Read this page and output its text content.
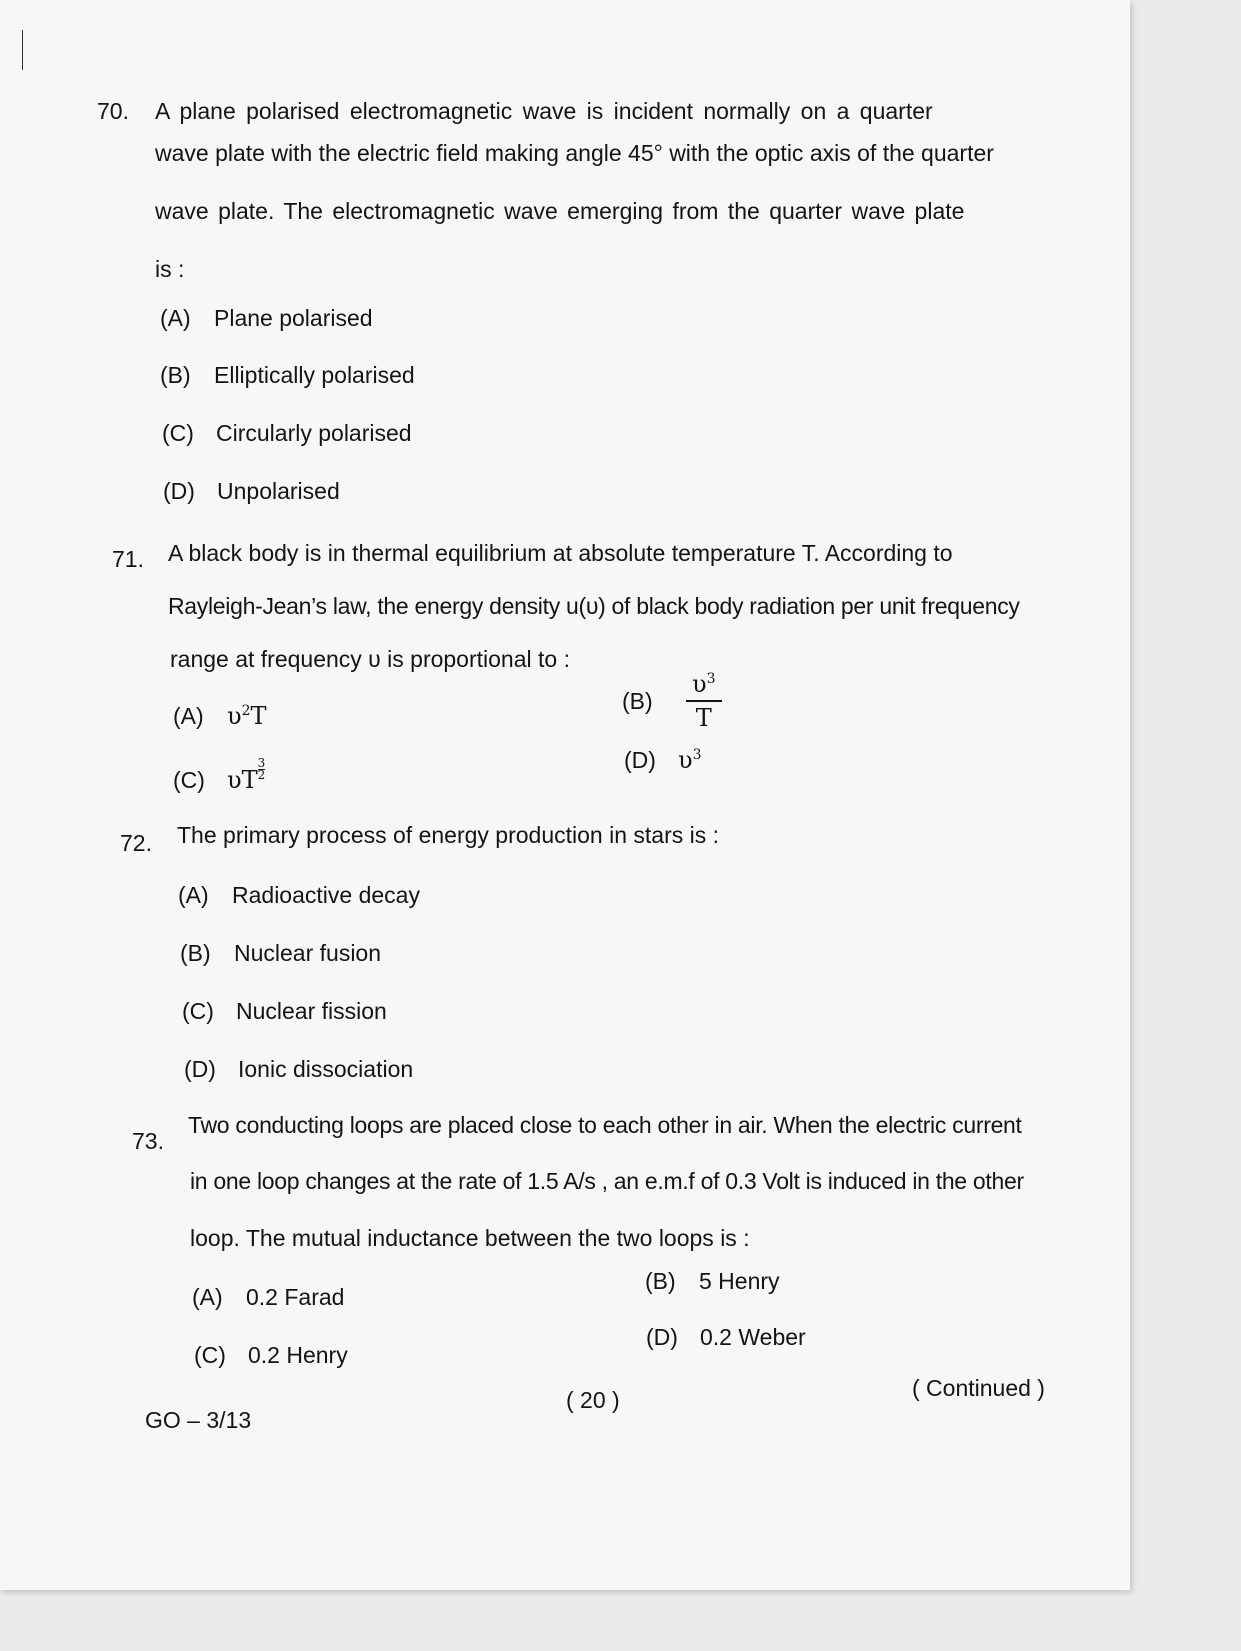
70. A plane polarised electromagnetic wave is incident normally on a quarter
wave plate with the electric field making angle 45° with the optic axis of the quarter
wave plate. The electromagnetic wave emerging from the quarter wave plate
is :
(A) Plane polarised
(B) Elliptically polarised
(C) Circularly polarised
(D) Unpolarised
71. A black body is in thermal equilibrium at absolute temperature T. According to
Rayleigh-Jean’s law, the energy density u(υ) of black body radiation per unit frequency
range at frequency υ is proportional to :
(A) $\upsilon^2T$
$(B) \frac{\upsilon^3}{T}$
(C) υT $\frac{3}{2}$	(D) $\upsilon^3$
72. The primary process of energy production in stars is :
(A) Radioactive decay
(B) Nuclear fusion
(C) Nuclear fission
(D) Ionic dissociation
73.
Two conducting loops are placed close to each other in air. When the electric current
in one loop changes at the rate of 1.5 A/s , an e.m.f of 0.3 Volt is induced in the other
loop. The mutual inductance between the two loops is :
(A) 0.2 Farad
(B) 5 Henry
(C) 0.2 Henry
(D) 0.2 Weber
GO – 3/13
( 20 )	( Continued )
